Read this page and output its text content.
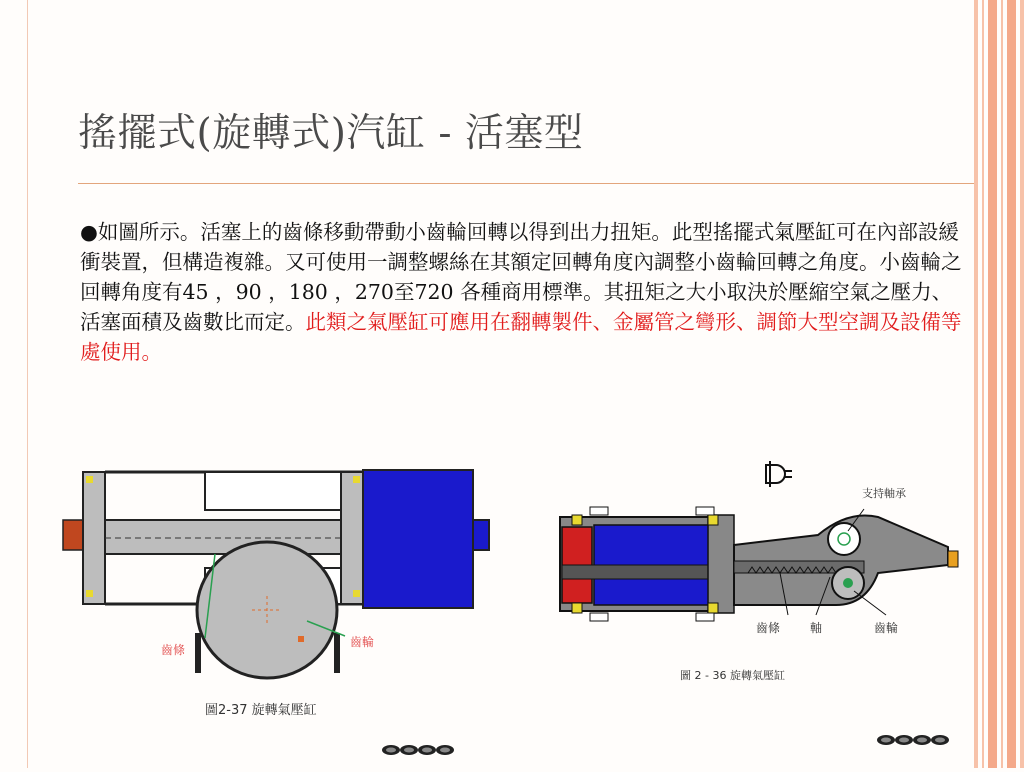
搖擺式(旋轉式)汽缸 - 活塞型
●如圖所示。活塞上的齒條移動帶動小齒輪回轉以得到出力扭矩。此型搖擺式氣壓缸可在內部設緩衝裝置，但構造複雜。又可使用一調整螺絲在其額定回轉角度內調整小齒輪回轉之角度。小齒輪之回轉角度有45 ，90 ，180 ，270至720 各種商用標準。其扭矩之大小取決於壓縮空氣之壓力、活塞面積及齒數比而定。此類之氣壓缸可應用在翻轉製件、金屬管之彎形、調節大型空調及設備等處使用。
齒條
齒輪
圖2-37 旋轉氣壓缸
支持軸承
齒條 軸	齒輪
圖 2 - 36 旋轉氣壓缸
